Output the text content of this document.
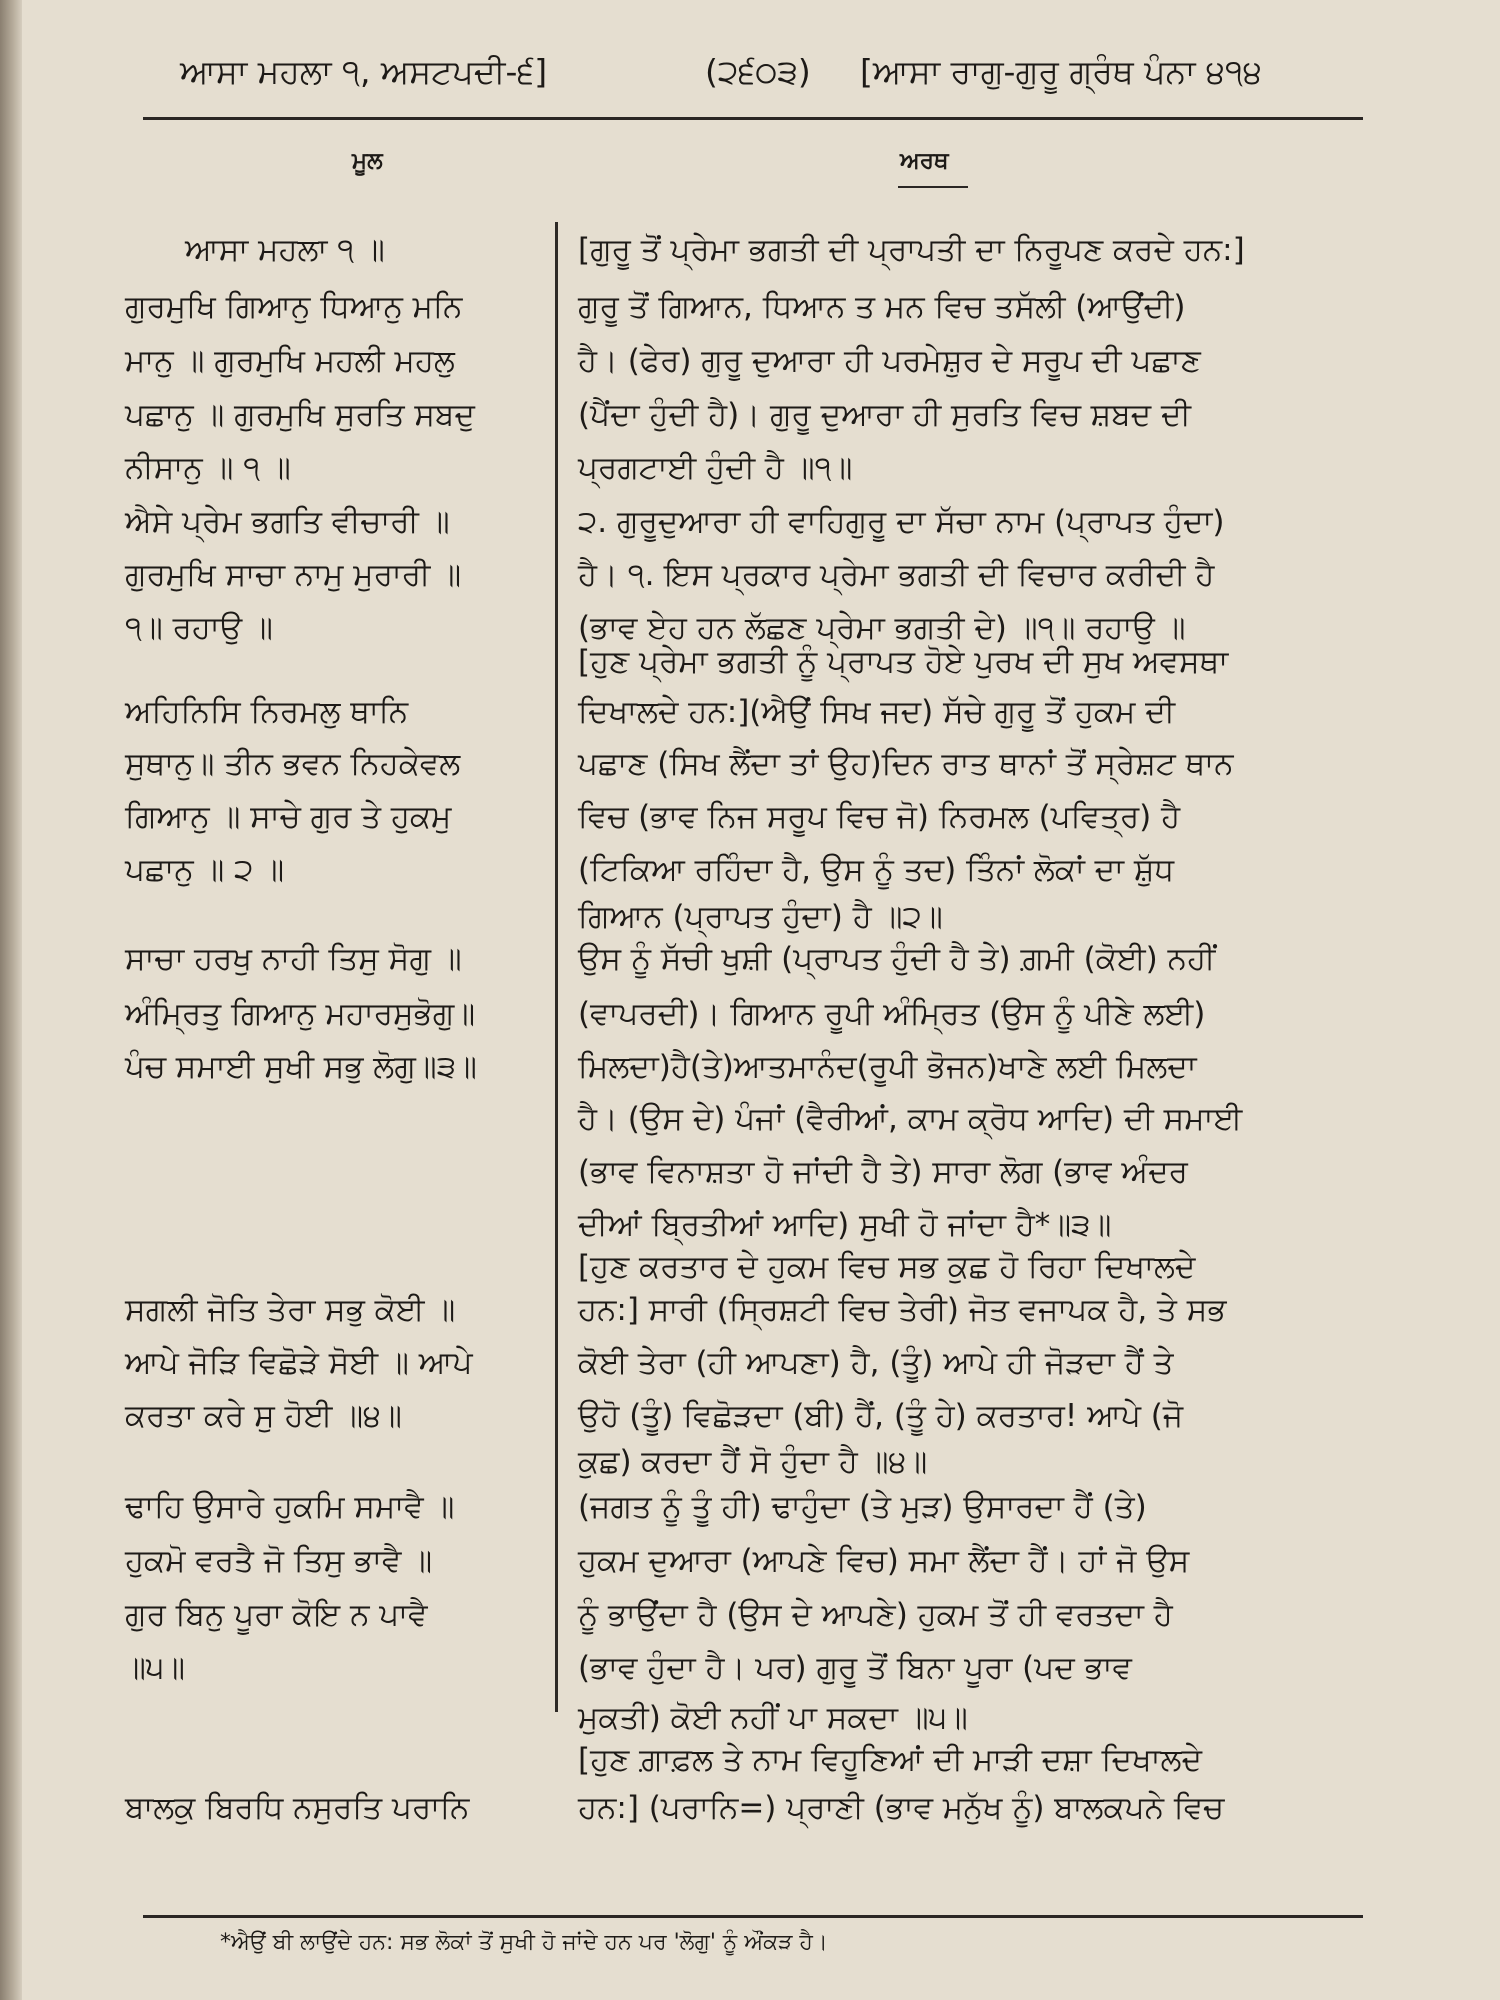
ਆਸਾ ਮਹਲਾ ੧, ਅਸਟਪਦੀ-੬]	(੨੬੦੩) [ਆਸਾ ਰਾਗੁ-ਗੁਰੂ ਗ੍ਰੰਥ ਪੰਨਾ ੪੧੪
ਮੂਲ	ਅਰਥ
ਆਸਾ ਮਹਲਾ ੧ ॥
ਗੁਰਮੁਖਿ ਗਿਆਨੁ ਧਿਆਨੁ ਮਨਿ
ਮਾਨੁ ॥ ਗੁਰਮੁਖਿ ਮਹਲੀ ਮਹਲੁ
ਪਛਾਨੁ ॥ ਗੁਰਮੁਖਿ ਸੁਰਤਿ ਸਬਦੁ
ਨੀਸਾਨੁ ॥ ੧ ॥
ਐਸੇ ਪ੍ਰੇਮ ਭਗਤਿ ਵੀਚਾਰੀ ॥
ਗੁਰਮੁਖਿ ਸਾਚਾ ਨਾਮੁ ਮੁਰਾਰੀ ॥
੧॥ ਰਹਾਉ ॥
ਅਹਿਨਿਸਿ ਨਿਰਮਲੁ ਥਾਨਿ
ਸੁਥਾਨੁ॥ ਤੀਨ ਭਵਨ ਨਿਹਕੇਵਲ
ਗਿਆਨੁ ॥ ਸਾਚੇ ਗੁਰ ਤੇ ਹੁਕਮੁ
ਪਛਾਨੁ ॥ ੨ ॥
ਸਾਚਾ ਹਰਖੁ ਨਾਹੀ ਤਿਸੁ ਸੋਗੁ ॥
ਅੰਮ੍ਰਿਤੁ ਗਿਆਨੁ ਮਹਾਰਸੁਭੋਗੁ॥
ਪੰਚ ਸਮਾਈ ਸੁਖੀ ਸਭੁ ਲੋਗੁ॥੩॥
ਸਗਲੀ ਜੋਤਿ ਤੇਰਾ ਸਭੁ ਕੋਈ ॥
ਆਪੇ ਜੋੜਿ ਵਿਛੋੜੇ ਸੋਈ ॥ ਆਪੇ
ਕਰਤਾ ਕਰੇ ਸੁ ਹੋਈ ॥੪॥
ਢਾਹਿ ਉਸਾਰੇ ਹੁਕਮਿ ਸਮਾਵੈ ॥
ਹੁਕਮੋ ਵਰਤੈ ਜੋ ਤਿਸੁ ਭਾਵੈ ॥
ਗੁਰ ਬਿਨੁ ਪੂਰਾ ਕੋਇ ਨ ਪਾਵੈ
॥੫॥
ਬਾਲਕੁ ਬਿਰਧਿ ਨਸੁਰਤਿ ਪਰਾਨਿ
[ਗੁਰੂ ਤੋਂ ਪ੍ਰੇਮਾ ਭਗਤੀ ਦੀ ਪ੍ਰਾਪਤੀ ਦਾ ਨਿਰੂਪਣ ਕਰਦੇ ਹਨ:]
ਗੁਰੂ ਤੋਂ ਗਿਆਨ, ਧਿਆਨ ਤ ਮਨ ਵਿਚ ਤਸੱਲੀ (ਆਉਂਦੀ)
ਹੈ। (ਫੇਰ) ਗੁਰੂ ਦੁਆਰਾ ਹੀ ਪਰਮੇਸ਼ੁਰ ਦੇ ਸਰੂਪ ਦੀ ਪਛਾਣ
(ਪੈਂਦਾ ਹੁੰਦੀ ਹੈ)। ਗੁਰੂ ਦੁਆਰਾ ਹੀ ਸੁਰਤਿ ਵਿਚ ਸ਼ਬਦ ਦੀ
ਪ੍ਰਗਟਾਈ ਹੁੰਦੀ ਹੈ ॥੧॥
੨. ਗੁਰੂਦੁਆਰਾ ਹੀ ਵਾਹਿਗੁਰੂ ਦਾ ਸੱਚਾ ਨਾਮ (ਪ੍ਰਾਪਤ ਹੁੰਦਾ)
ਹੈ। ੧. ਇਸ ਪ੍ਰਕਾਰ ਪ੍ਰੇਮਾ ਭਗਤੀ ਦੀ ਵਿਚਾਰ ਕਰੀਦੀ ਹੈ
(ਭਾਵ ਏਹ ਹਨ ਲੱਛਣ ਪ੍ਰੇਮਾ ਭਗਤੀ ਦੇ) ॥੧॥ ਰਹਾਉ ॥
[ਹੁਣ ਪ੍ਰੇਮਾ ਭਗਤੀ ਨੂੰ ਪ੍ਰਾਪਤ ਹੋਏ ਪੁਰਖ ਦੀ ਸੁਖ ਅਵਸਥਾ
ਦਿਖਾਲਦੇ ਹਨ:](ਐਉਂ ਸਿਖ ਜਦ) ਸੱਚੇ ਗੁਰੂ ਤੋਂ ਹੁਕਮ ਦੀ
ਪਛਾਣ (ਸਿਖ ਲੈਂਦਾ ਤਾਂ ਉਹ)ਦਿਨ ਰਾਤ ਥਾਨਾਂ ਤੋਂ ਸ੍ਰੇਸ਼ਟ ਥਾਨ
ਵਿਚ (ਭਾਵ ਨਿਜ ਸਰੂਪ ਵਿਚ ਜੋ) ਨਿਰਮਲ (ਪਵਿਤ੍ਰ) ਹੈ
(ਟਿਕਿਆ ਰਹਿੰਦਾ ਹੈ, ਉਸ ਨੂੰ ਤਦ) ਤਿੰਨਾਂ ਲੋਕਾਂ ਦਾ ਸ਼ੁੱਧ
ਗਿਆਨ (ਪ੍ਰਾਪਤ ਹੁੰਦਾ) ਹੈ ॥੨॥
ਉਸ ਨੂੰ ਸੱਚੀ ਖੁਸ਼ੀ (ਪ੍ਰਾਪਤ ਹੁੰਦੀ ਹੈ ਤੇ) ਗ਼ਮੀ (ਕੋਈ) ਨਹੀਂ
(ਵਾਪਰਦੀ)। ਗਿਆਨ ਰੂਪੀ ਅੰਮ੍ਰਿਤ (ਉਸ ਨੂੰ ਪੀਣੇ ਲਈ)
ਮਿਲਦਾ)ਹੈ(ਤੇ)ਆਤਮਾਨੰਦ(ਰੂਪੀ ਭੋਜਨ)ਖਾਣੇ ਲਈ ਮਿਲਦਾ
ਹੈ। (ਉਸ ਦੇ) ਪੰਜਾਂ (ਵੈਰੀਆਂ, ਕਾਮ ਕ੍ਰੋਧ ਆਦਿ) ਦੀ ਸਮਾਈ
(ਭਾਵ ਵਿਨਾਸ਼ਤਾ ਹੋ ਜਾਂਦੀ ਹੈ ਤੇ) ਸਾਰਾ ਲੋਗ (ਭਾਵ ਅੰਦਰ
ਦੀਆਂ ਬ੍ਰਿਤੀਆਂ ਆਦਿ) ਸੁਖੀ ਹੋ ਜਾਂਦਾ ਹੈ*॥੩॥
[ਹੁਣ ਕਰਤਾਰ ਦੇ ਹੁਕਮ ਵਿਚ ਸਭ ਕੁਛ ਹੋ ਰਿਹਾ ਦਿਖਾਲਦੇ
ਹਨ:] ਸਾਰੀ (ਸ੍ਰਿਸ਼ਟੀ ਵਿਚ ਤੇਰੀ) ਜੋਤ ਵਜਾਪਕ ਹੈ, ਤੇ ਸਭ
ਕੋਈ ਤੇਰਾ (ਹੀ ਆਪਣਾ) ਹੈ, (ਤੂੰ) ਆਪੇ ਹੀ ਜੋੜਦਾ ਹੈਂ ਤੇ
ਉਹੋ (ਤੂੰ) ਵਿਛੋੜਦਾ (ਬੀ) ਹੈਂ, (ਤੂੰ ਹੇ) ਕਰਤਾਰ! ਆਪੇ (ਜੋ
ਕੁਛ) ਕਰਦਾ ਹੈਂ ਸੋ ਹੁੰਦਾ ਹੈ ॥੪॥
(ਜਗਤ ਨੂੰ ਤੂੰ ਹੀ) ਢਾਹੁੰਦਾ (ਤੇ ਮੁੜ) ਉਸਾਰਦਾ ਹੈਂ (ਤੇ)
ਹੁਕਮ ਦੁਆਰਾ (ਆਪਣੇ ਵਿਚ) ਸਮਾ ਲੈਂਦਾ ਹੈਂ। ਹਾਂ ਜੋ ਉਸ
ਨੂੰ ਭਾਉਂਦਾ ਹੈ (ਉਸ ਦੇ ਆਪਣੇ) ਹੁਕਮ ਤੋਂ ਹੀ ਵਰਤਦਾ ਹੈ
(ਭਾਵ ਹੁੰਦਾ ਹੈ। ਪਰ) ਗੁਰੂ ਤੋਂ ਬਿਨਾ ਪੂਰਾ (ਪਦ ਭਾਵ
ਮੁਕਤੀ) ਕੋਈ ਨਹੀਂ ਪਾ ਸਕਦਾ ॥੫॥
[ਹੁਣ ਗ਼ਾਫ਼ਲ ਤੇ ਨਾਮ ਵਿਹੂਣਿਆਂ ਦੀ ਮਾੜੀ ਦਸ਼ਾ ਦਿਖਾਲਦੇ
ਹਨ:] (ਪਰਾਨਿ=) ਪ੍ਰਾਣੀ (ਭਾਵ ਮਨੁੱਖ ਨੂੰ) ਬਾਲਕਪਨੇ ਵਿਚ
*ਐਉਂ ਬੀ ਲਾਉਂਦੇ ਹਨ: ਸਭ ਲੋਕਾਂ ਤੋਂ ਸੁਖੀ ਹੋ ਜਾਂਦੇ ਹਨ ਪਰ 'ਲੋਗੁ' ਨੂੰ ਔਂਕੜ ਹੈ।
